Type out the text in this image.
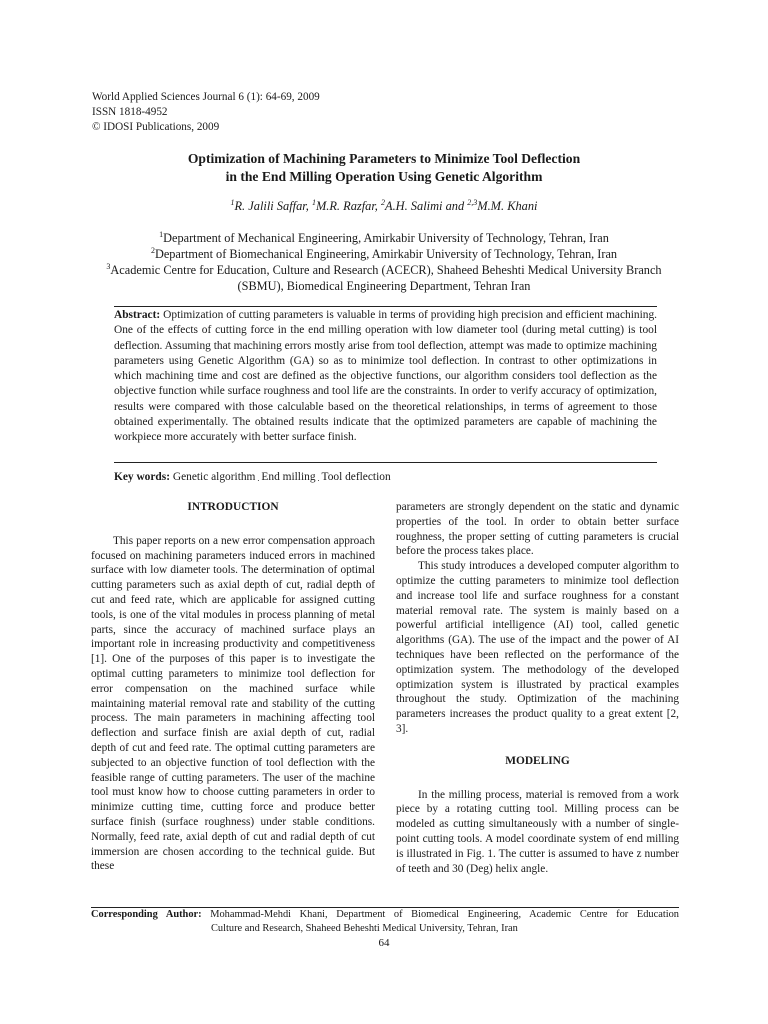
World Applied Sciences Journal 6 (1): 64-69, 2009
ISSN 1818-4952
© IDOSI Publications, 2009
Optimization of Machining Parameters to Minimize Tool Deflection
in the End Milling Operation Using Genetic Algorithm
$^1$R. Jalili Saffar, $^1$M.R. Razfar, $^2$A.H. Salimi and $^{2,3}$M.M. Khani
$^1$Department of Mechanical Engineering, Amirkabir University of Technology, Tehran, Iran
$^2$Department of Biomechanical Engineering, Amirkabir University of Technology, Tehran, Iran
$^3$Academic Centre for Education, Culture and Research (ACECR), Shaheed Beheshti Medical University Branch (SBMU), Biomedical Engineering Department, Tehran Iran
Abstract: Optimization of cutting parameters is valuable in terms of providing high precision and efficient machining. One of the effects of cutting force in the end milling operation with low diameter tool (during metal cutting) is tool deflection. Assuming that machining errors mostly arise from tool deflection, attempt was made to optimize machining parameters using Genetic Algorithm (GA) so as to minimize tool deflection. In contrast to other optimizations in which machining time and cost are defined as the objective functions, our algorithm considers tool deflection as the objective function while surface roughness and tool life are the constraints. In order to verify accuracy of optimization, results were compared with those calculable based on the theoretical relationships, in terms of agreement to those obtained experimentally. The obtained results indicate that the optimized parameters are capable of machining the workpiece more accurately with better surface finish.
Key words: Genetic algorithm . End milling . Tool deflection
INTRODUCTION

This paper reports on a new error compensation approach focused on machining parameters induced errors in machined surface with low diameter tools. The determination of optimal cutting parameters such as axial depth of cut, radial depth of cut and feed rate, which are applicable for assigned cutting tools, is one of the vital modules in process planning of metal parts, since the accuracy of machined surface plays an important role in increasing productivity and competitiveness [1]. One of the purposes of this paper is to investigate the optimal cutting parameters to minimize tool deflection for error compensation on the machined surface while maintaining material removal rate and stability of the cutting process. The main parameters in machining affecting tool deflection and surface finish are axial depth of cut, radial depth of cut and feed rate. The optimal cutting parameters are subjected to an objective function of tool deflection with the feasible range of cutting parameters. The user of the machine tool must know how to choose cutting parameters in order to minimize cutting time, cutting force and produce better surface finish (surface roughness) under stable conditions. Normally, feed rate, axial depth of cut and radial depth of cut immersion are chosen according to the technical guide. But these

parameters are strongly dependent on the static and dynamic properties of the tool. In order to obtain better surface roughness, the proper setting of cutting parameters is crucial before the process takes place.

This study introduces a developed computer algorithm to optimize the cutting parameters to minimize tool deflection and increase tool life and surface roughness for a constant material removal rate. The system is mainly based on a powerful artificial intelligence (AI) tool, called genetic algorithms (GA). The use of the impact and the power of AI techniques have been reflected on the performance of the optimization system. The methodology of the developed optimization system is illustrated by practical examples throughout the study. Optimization of the machining parameters increases the product quality to a great extent [2, 3].

MODELING

In the milling process, material is removed from a work piece by a rotating cutting tool. Milling process can be modeled as cutting simultaneously with a number of single-point cutting tools. A model coordinate system of end milling is illustrated in Fig. 1. The cutter is assumed to have z number of teeth and 30 (Deg) helix angle.

Corresponding Author: Mohammad-Mehdi Khani, Department of Biomedical Engineering, Academic Centre for Education
Culture and Research, Shaheed Beheshti Medical University, Tehran, Iran
64
